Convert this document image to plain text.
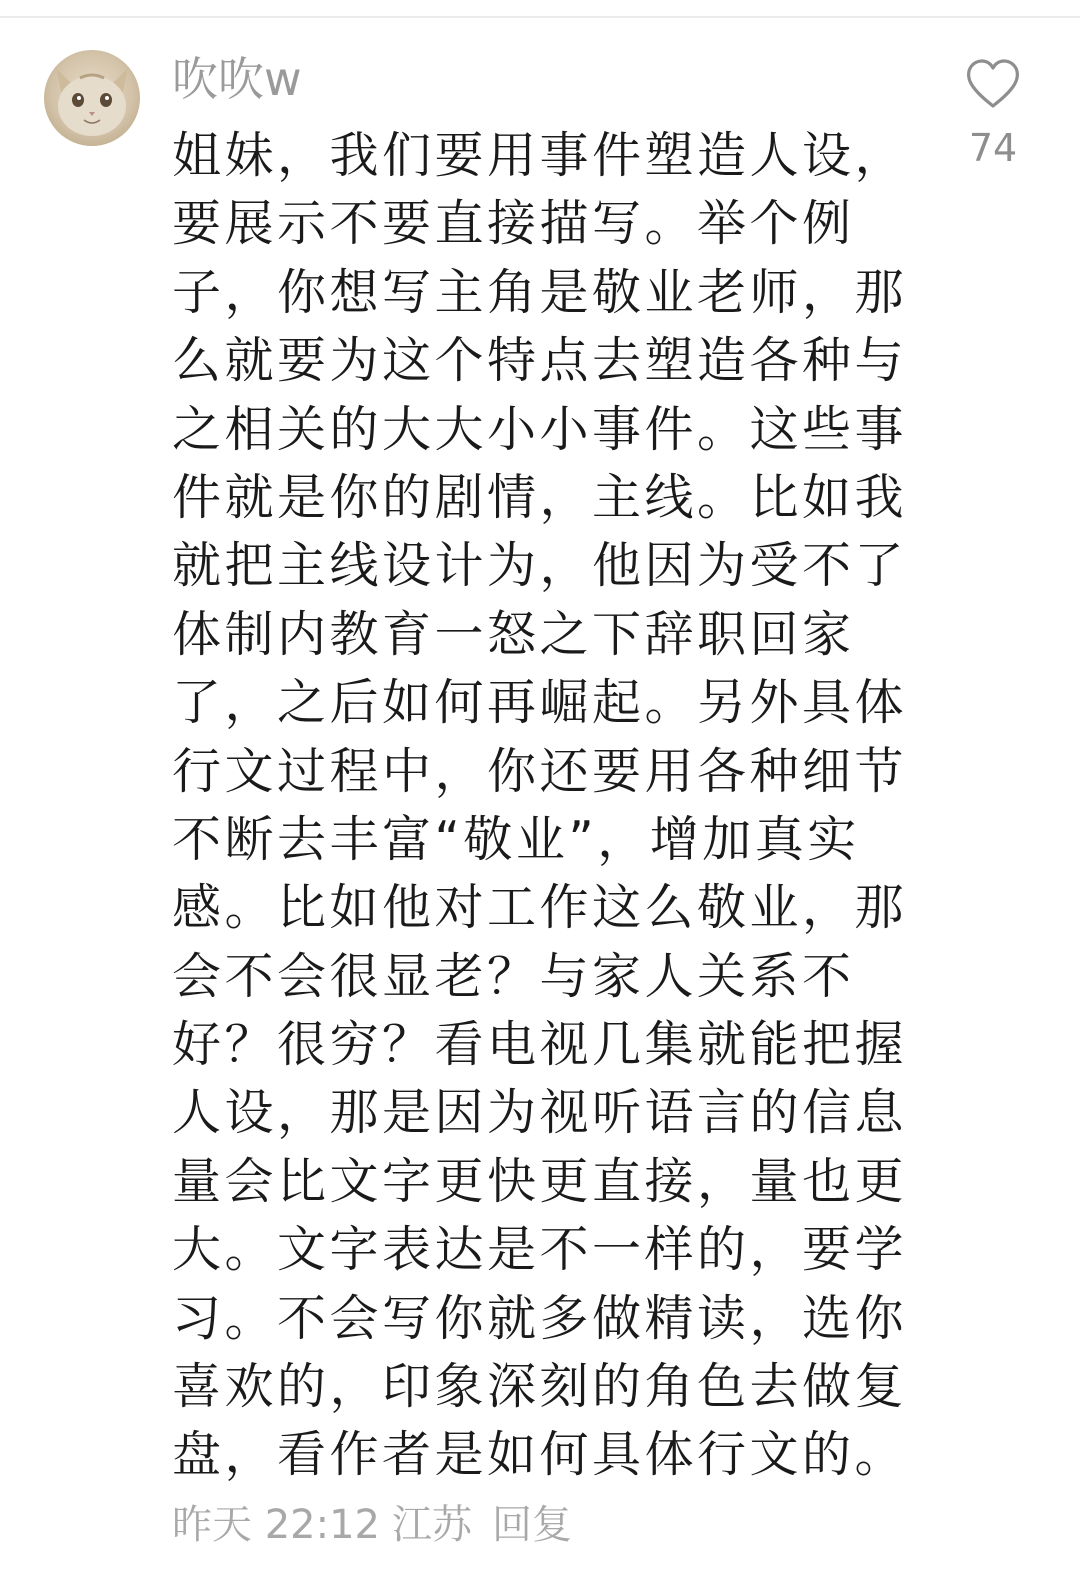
吹吹w
姐妹，我们要用事件塑造人设，
要展示不要直接描写。举个例
子，你想写主角是敬业老师，那
么就要为这个特点去塑造各种与
之相关的大大小小事件。这些事
件就是你的剧情，主线。比如我
就把主线设计为，他因为受不了
体制内教育一怒之下辞职回家
了，之后如何再崛起。另外具体
行文过程中，你还要用各种细节
不断去丰富“敬业”，增加真实
感。比如他对工作这么敬业，那
会不会很显老？与家人关系不
好？很穷？看电视几集就能把握
人设，那是因为视听语言的信息
量会比文字更快更直接，量也更
大。文字表达是不一样的，要学
习。不会写你就多做精读，选你
喜欢的，印象深刻的角色去做复
盘，看作者是如何具体行文的。
昨天 22:12 江苏 回复
74
